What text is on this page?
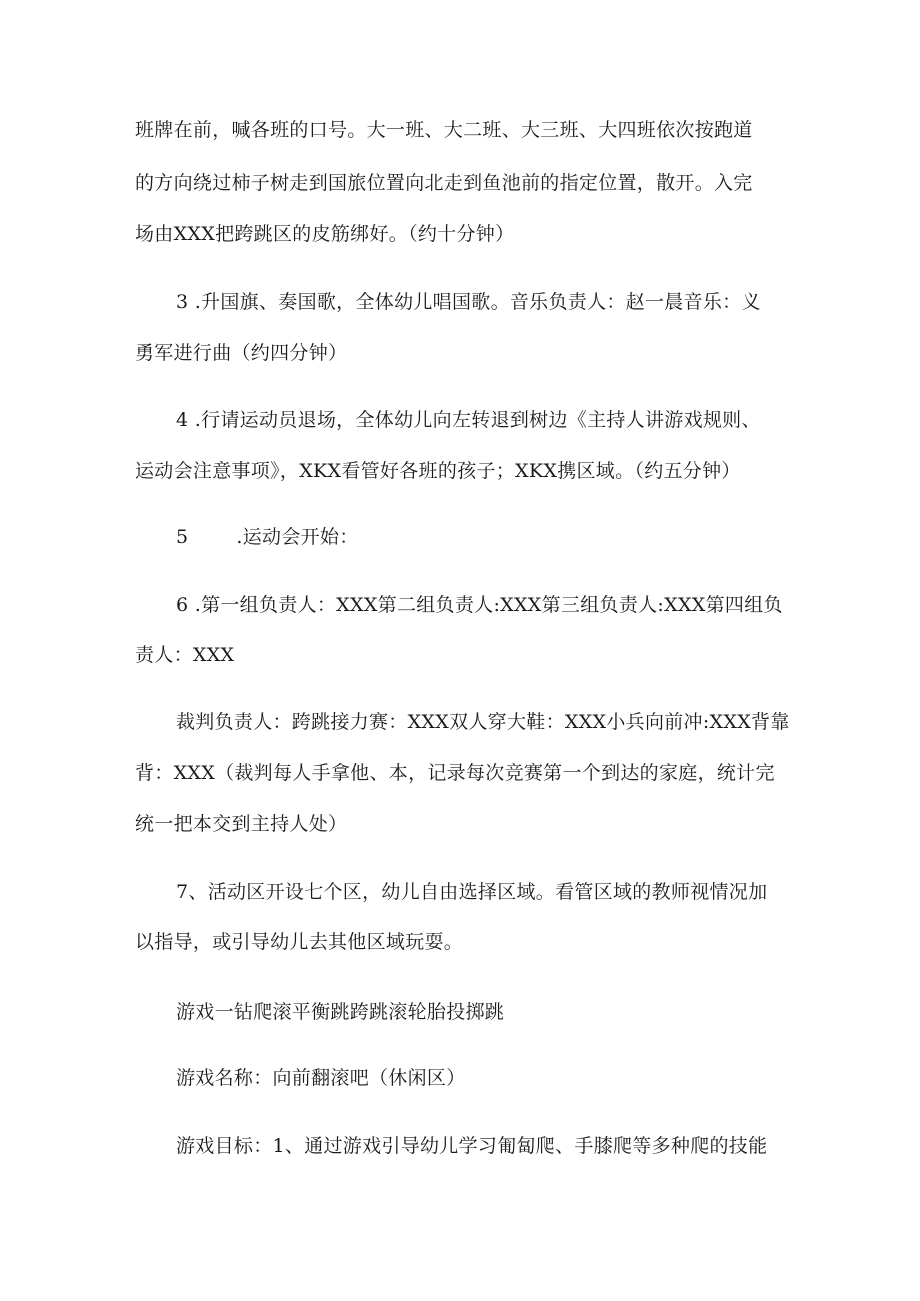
班牌在前，喊各班的口号。大一班、大二班、大三班、大四班依次按跑道
的方向绕过柿子树走到国旅位置向北走到鱼池前的指定位置，散开。入完
场由XXX把跨跳区的皮筋绑好。（约十分钟）
3 .升国旗、奏国歌，全体幼儿唱国歌。音乐负责人：赵一晨音乐：义
勇军进行曲（约四分钟）
4 .行请运动员退场，全体幼儿向左转退到树边《主持人讲游戏规则、
运动会注意事项》，XKX看管好各班的孩子；XKX携区域。（约五分钟）
5	.运动会开始：
6 .第一组负责人：XXX第二组负责人:XXX第三组负责人:XXX第四组负
责人：XXX
裁判负责人：跨跳接力赛：XXX双人穿大鞋：XXX小兵向前冲:XXX背靠
背：XXX（裁判每人手拿他、本，记录每次竞赛第一个到达的家庭，统计完
统一把本交到主持人处）
7、活动区开设七个区，幼儿自由选择区域。看管区域的教师视情况加
以指导，或引导幼儿去其他区域玩耍。
游戏一钻爬滚平衡跳跨跳滚轮胎投掷跳
游戏名称：向前翻滚吧（休闲区）
游戏目标：1、通过游戏引导幼儿学习匍匐爬、手膝爬等多种爬的技能
